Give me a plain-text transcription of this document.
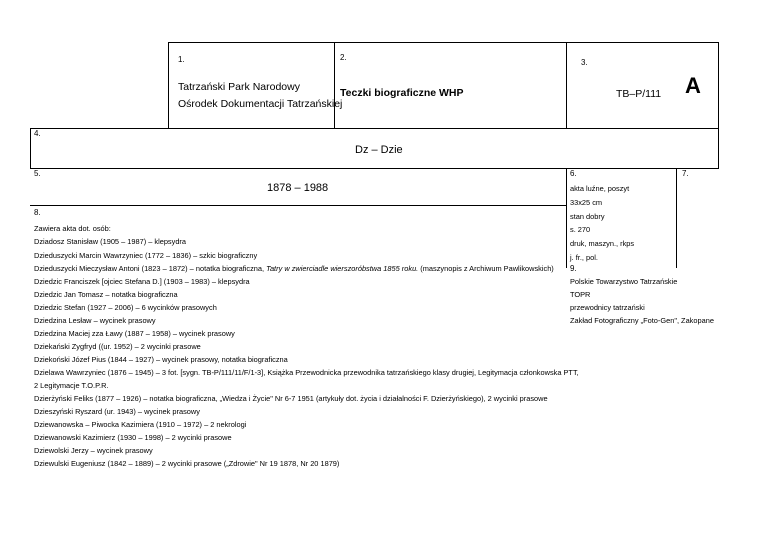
1.
Tatrzański Park Narodowy
Ośrodek Dokumentacji Tatrzańskiej
2.
Teczki biograficzne WHP
3.
TB–P/111 A
4.
Dz – Dzie
5.
1878 – 1988
6.	7.
akta luźne, poszyt
33x25 cm
stan dobry
s. 270
druk, maszyn., rkps
j. fr., pol.
9.
Polskie Towarzystwo Tatrzańskie
TOPR
przewodnicy tatrzański
Zakład Fotograficzny „Foto-Gen", Zakopane
8.
Zawiera akta dot. osób:
Dziadosz Stanisław (1905 – 1987) – klepsydra
Dzieduszycki Marcin Wawrzyniec (1772 – 1836) – szkic biograficzny
Dzieduszycki Mieczysław Antoni (1823 – 1872) – notatka biograficzna, Tatry w zwierciadle wierszoróbstwa 1855 roku. (maszynopis z Archiwum Pawlikowskich)
Dziedzic Franciszek [ojciec Stefana D.] (1903 – 1983) – klepsydra
Dziedzic Jan Tomasz – notatka biograficzna
Dziedzic Stefan (1927 – 2006) – 6 wycinków prasowych
Dziedzina Lesław – wycinek prasowy
Dziedzina Maciej zza Ławy (1887 – 1958) – wycinek prasowy
Dziekański Zygfryd ((ur. 1952) – 2 wycinki prasowe
Dziekoński Józef Pius (1844 – 1927) – wycinek prasowy, notatka biograficzna
Dzielawa Wawrzyniec (1876 – 1945) – 3 fot. [sygn. TB-P/111/11/F/1-3], Książka Przewodnicka przewodnika tatrzańskiego klasy drugiej, Legitymacja członkowska PTT,
2 Legitymacje T.O.P.R.
Dzierżyński Feliks (1877 – 1926) – notatka biograficzna, „Wiedza i Życie" Nr 6-7 1951 (artykuły dot. życia i działalności F. Dzierżyńskiego), 2 wycinki prasowe
Dzieszyński Ryszard (ur. 1943) – wycinek prasowy
Dziewanowska – Piwocka Kazimiera (1910 – 1972) – 2 nekrologi
Dziewanowski Kazimierz (1930 – 1998) – 2 wycinki prasowe
Dziewolski Jerzy – wycinek prasowy
Dziewulski Eugeniusz (1842 – 1889) – 2 wycinki prasowe („Zdrowie" Nr 19 1878, Nr 20 1879)
